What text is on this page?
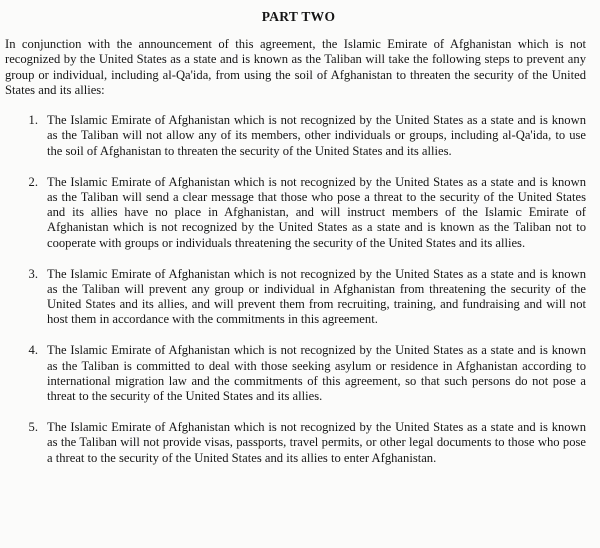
PART TWO

In conjunction with the announcement of this agreement, the Islamic Emirate of Afghanistan which is not recognized by the United States as a state and is known as the Taliban will take the following steps to prevent any group or individual, including al-Qa'ida, from using the soil of Afghanistan to threaten the security of the United States and its allies:

1. The Islamic Emirate of Afghanistan which is not recognized by the United States as a state and is known as the Taliban will not allow any of its members, other individuals or groups, including al-Qa'ida, to use the soil of Afghanistan to threaten the security of the United States and its allies.
2. The Islamic Emirate of Afghanistan which is not recognized by the United States as a state and is known as the Taliban will send a clear message that those who pose a threat to the security of the United States and its allies have no place in Afghanistan, and will instruct members of the Islamic Emirate of Afghanistan which is not recognized by the United States as a state and is known as the Taliban not to cooperate with groups or individuals threatening the security of the United States and its allies.
3. The Islamic Emirate of Afghanistan which is not recognized by the United States as a state and is known as the Taliban will prevent any group or individual in Afghanistan from threatening the security of the United States and its allies, and will prevent them from recruiting, training, and fundraising and will not host them in accordance with the commitments in this agreement.
4. The Islamic Emirate of Afghanistan which is not recognized by the United States as a state and is known as the Taliban is committed to deal with those seeking asylum or residence in Afghanistan according to international migration law and the commitments of this agreement, so that such persons do not pose a threat to the security of the United States and its allies.
5. The Islamic Emirate of Afghanistan which is not recognized by the United States as a state and is known as the Taliban will not provide visas, passports, travel permits, or other legal documents to those who pose a threat to the security of the United States and its allies to enter Afghanistan.
